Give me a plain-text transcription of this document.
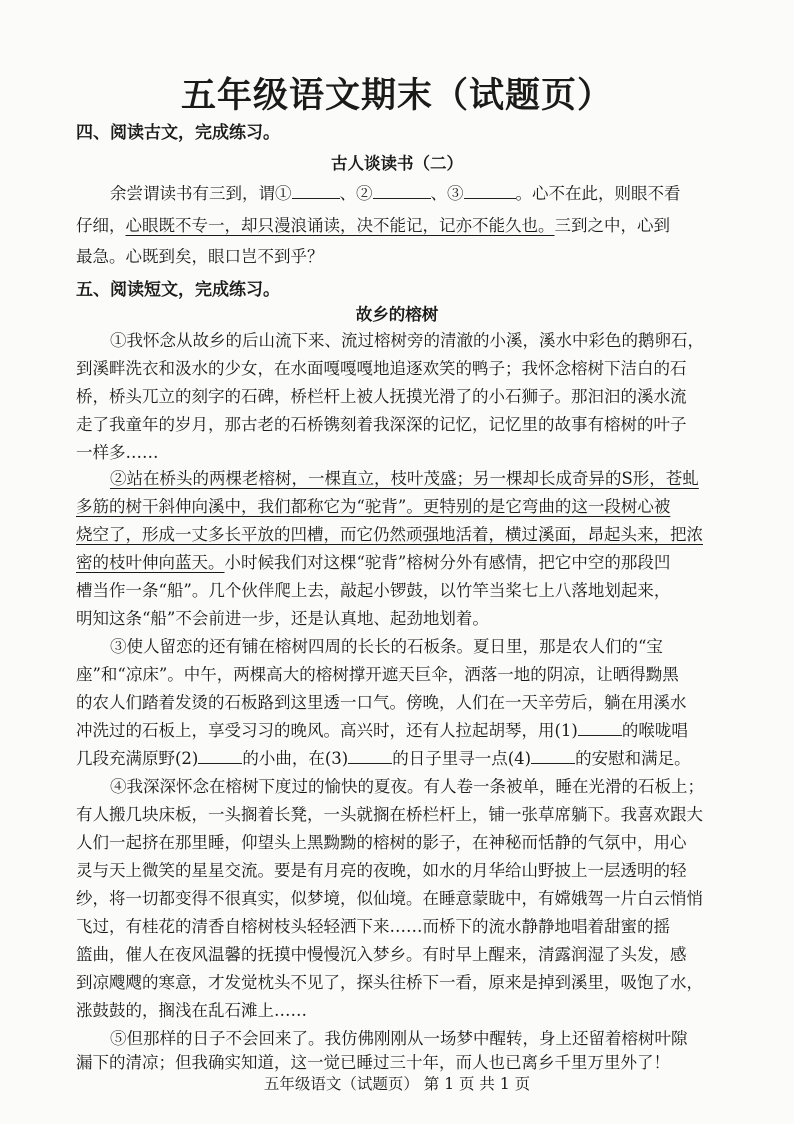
五年级语文期末（试题页）
四、阅读古文，完成练习。
古人谈读书（二）
余尝谓读书有三到，谓①	、②	、③	。心不在此，则眼不看
仔细，心眼既不专一，却只漫浪诵读，决不能记，记亦不能久也。三到之中，心到
最急。心既到矣，眼口岂不到乎？
五、阅读短文，完成练习。
故乡的榕树
①我怀念从故乡的后山流下来、流过榕树旁的清澈的小溪，溪水中彩色的鹅卵石，
到溪畔洗衣和汲水的少女，在水面嘎嘎嘎地追逐欢笑的鸭子；我怀念榕树下洁白的石
桥，桥头兀立的刻字的石碑，桥栏杆上被人抚摸光滑了的小石狮子。那汩汩的溪水流
走了我童年的岁月，那古老的石桥镌刻着我深深的记忆，记忆里的故事有榕树的叶子
一样多……
②站在桥头的两棵老榕树，一棵直立，枝叶茂盛；另一棵却长成奇异的S形，苍虬
多筋的树干斜伸向溪中，我们都称它为“驼背”。更特别的是它弯曲的这一段树心被
烧空了，形成一丈多长平放的凹槽，而它仍然顽强地活着，横过溪面，昂起头来，把浓
密的枝叶伸向蓝天。小时候我们对这棵“驼背”榕树分外有感情，把它中空的那段凹
槽当作一条“船”。几个伙伴爬上去，敲起小锣鼓，以竹竿当桨七上八落地划起来，
明知这条“船”不会前进一步，还是认真地、起劲地划着。
③使人留恋的还有铺在榕树四周的长长的石板条。夏日里，那是农人们的“宝
座”和“凉床”。中午，两棵高大的榕树撑开遮天巨伞，洒落一地的阴凉，让晒得黝黑
的农人们踏着发烫的石板路到这里透一口气。傍晚，人们在一天辛劳后，躺在用溪水
冲洗过的石板上，享受习习的晚风。高兴时，还有人拉起胡琴，用(1)	的喉咙唱
几段充满原野(2)	的小曲，在(3)	的日子里寻一点(4)	的安慰和满足。
④我深深怀念在榕树下度过的愉快的夏夜。有人卷一条被单，睡在光滑的石板上；
有人搬几块床板，一头搁着长凳，一头就搁在桥栏杆上，铺一张草席躺下。我喜欢跟大
人们一起挤在那里睡，仰望头上黑黝黝的榕树的影子，在神秘而恬静的气氛中，用心
灵与天上微笑的星星交流。要是有月亮的夜晚，如水的月华给山野披上一层透明的轻
纱，将一切都变得不很真实，似梦境，似仙境。在睡意蒙眬中，有嫦娥驾一片白云悄悄
飞过，有桂花的清香自榕树枝头轻轻洒下来……而桥下的流水静静地唱着甜蜜的摇
篮曲，催人在夜风温馨的抚摸中慢慢沉入梦乡。有时早上醒来，清露润湿了头发，感
到凉飕飕的寒意，才发觉枕头不见了，探头往桥下一看，原来是掉到溪里，吸饱了水，
涨鼓鼓的，搁浅在乱石滩上……
⑤但那样的日子不会回来了。我仿佛刚刚从一场梦中醒转，身上还留着榕树叶隙
漏下的清凉；但我确实知道，这一觉已睡过三十年，而人也已离乡千里万里外了！
五年级语文（试题页） 第 1 页 共 1 页
